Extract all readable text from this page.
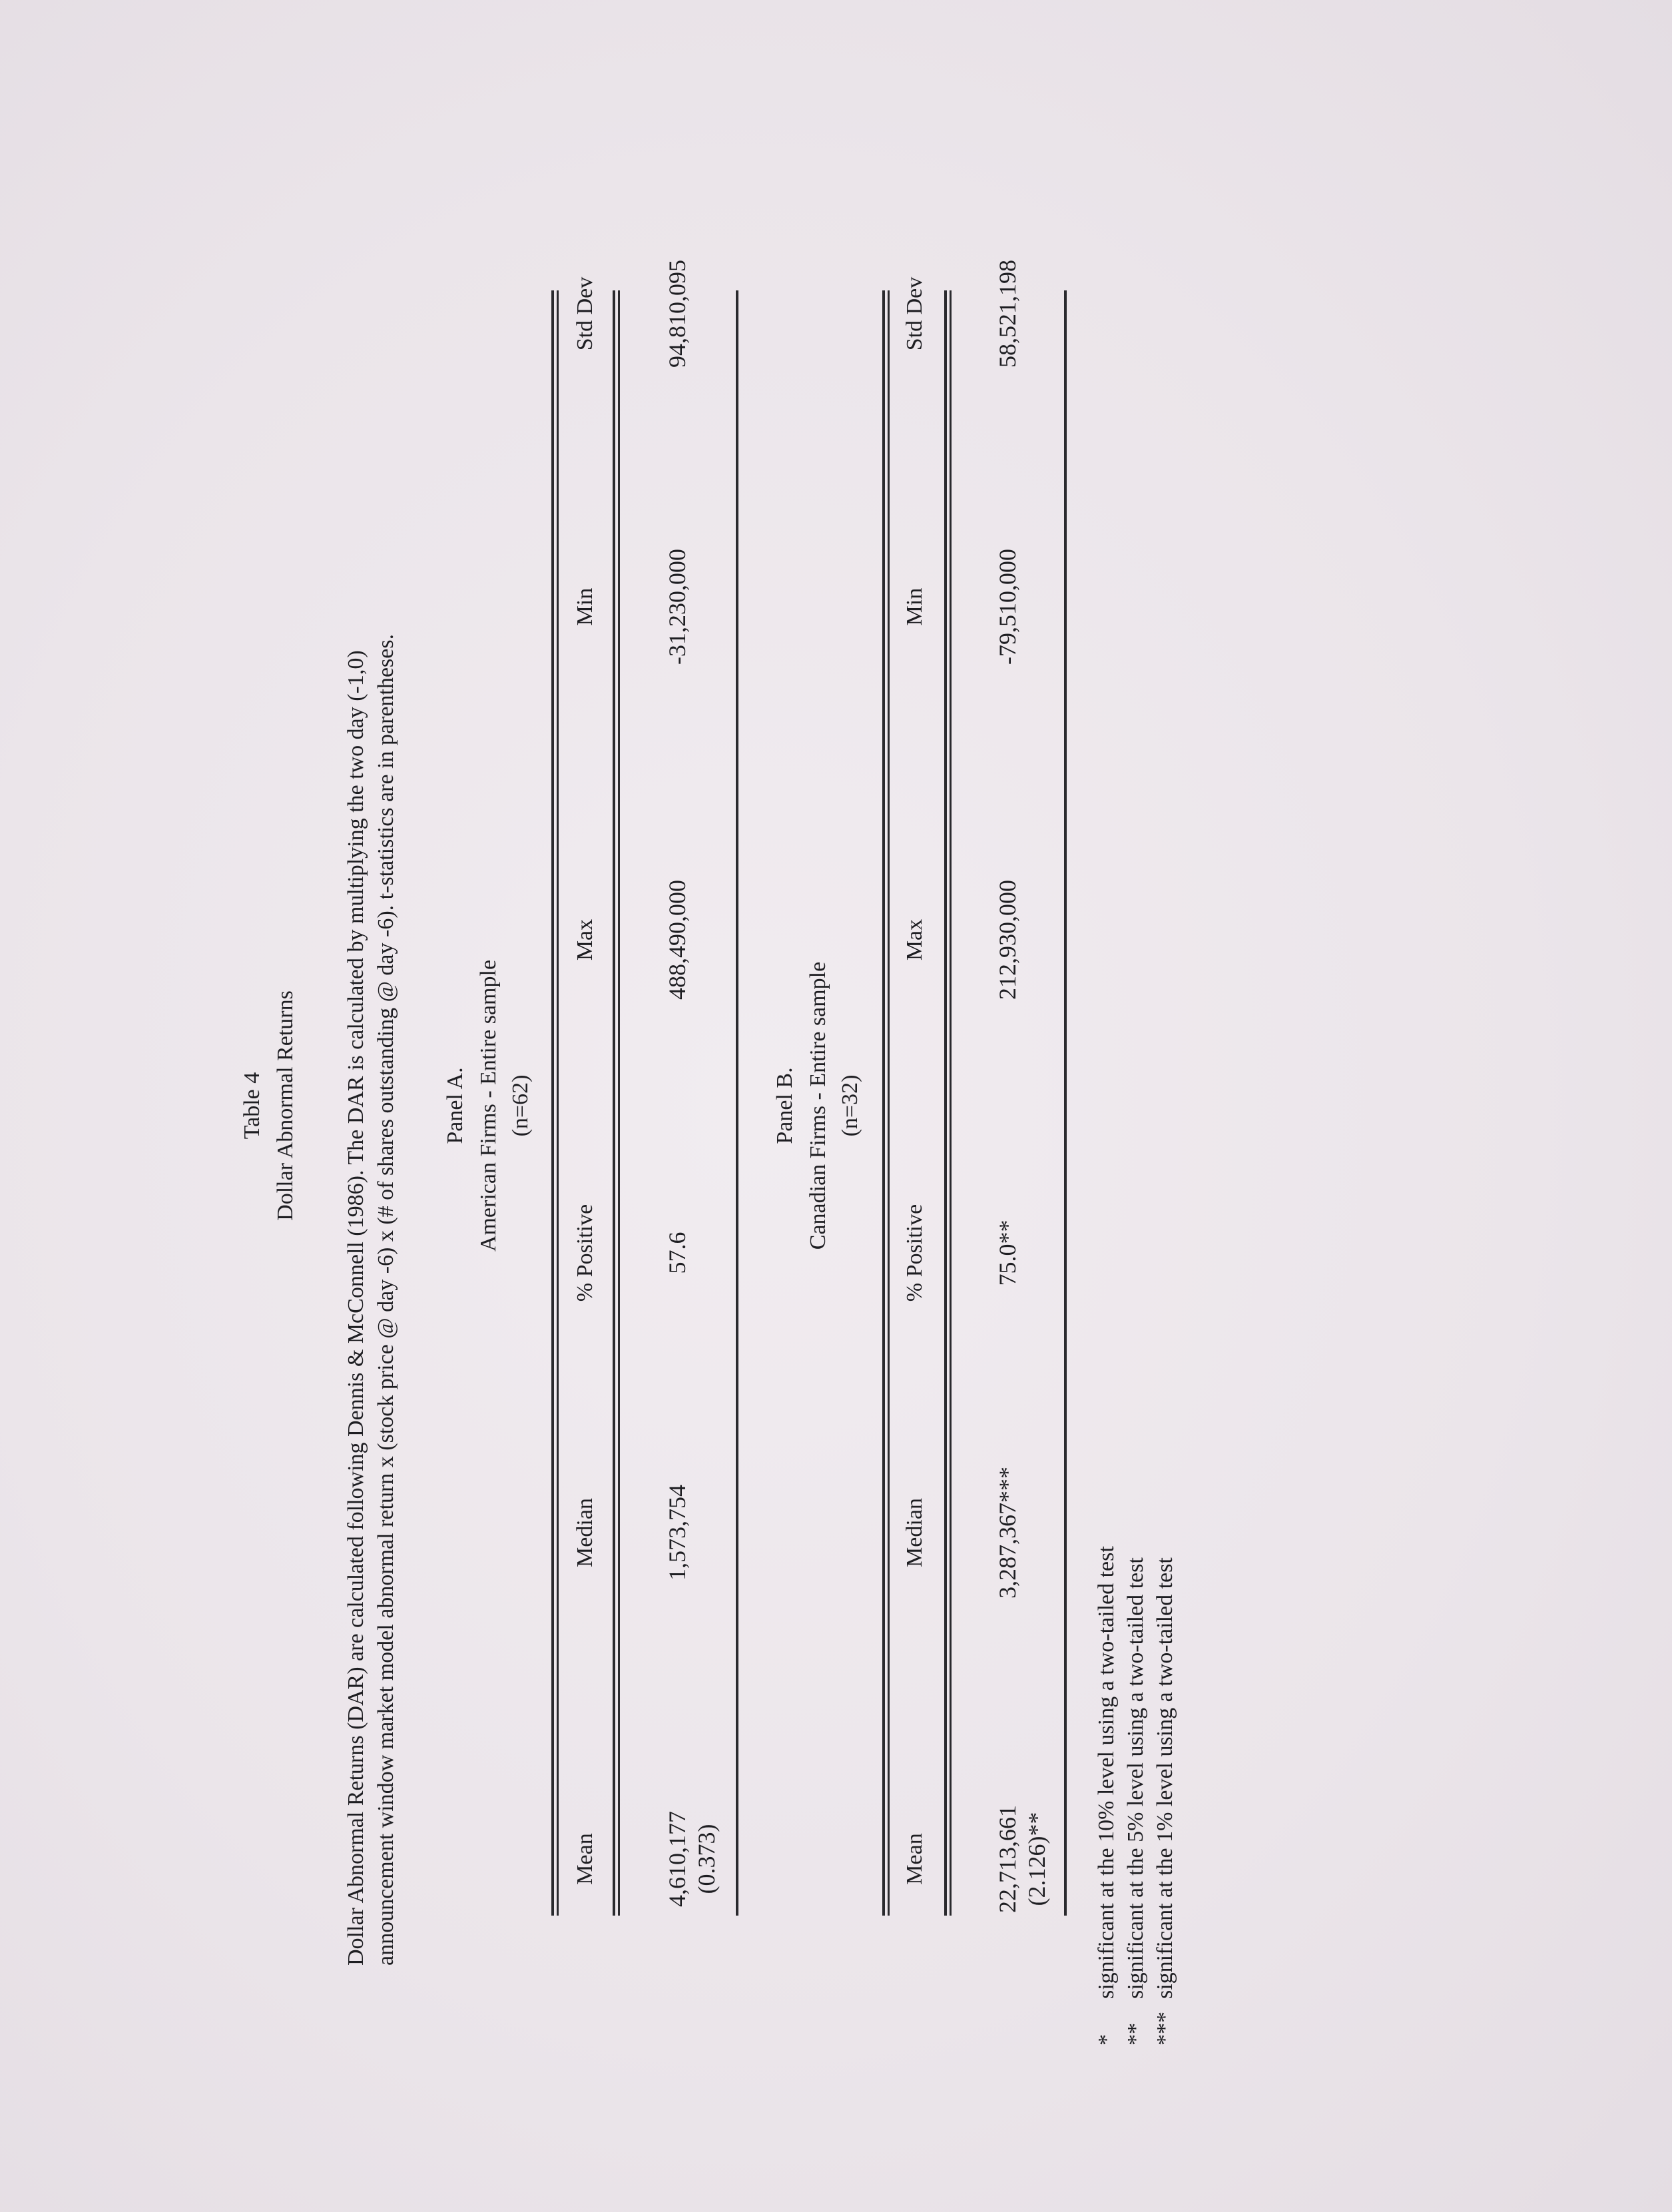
Table 4 Dollar Abnormal Returns Dollar Abnormal Returns (DAR) are calculated following Dennis & McConnell (1986). The DAR is calculated by multiplying the two day (-1,0) announcement window market model abnormal return x (stock price @ day -6) x (# of shares outstanding @ day -6). t-statistics are in parentheses. Panel A. American Firms - Entire sample (n=62)
Mean
Median
% Positive
Max
Min
Std Dev
4,610,177 (0.373)
1,573,754
57.6
488,490,000
-31,230,000
94,810,095
Panel B. Canadian Firms - Entire sample (n=32)
Mean
Median
% Positive
Max
Min
Std Dev
22,713,661 (2.126)**
3,287,367***
75.0**
212,930,000
-79,510,000
58,521,198
*significant at the 10% level using a two-tailed test
**significant at the 5% level using a two-tailed test
***significant at the 1% level using a two-tailed test
